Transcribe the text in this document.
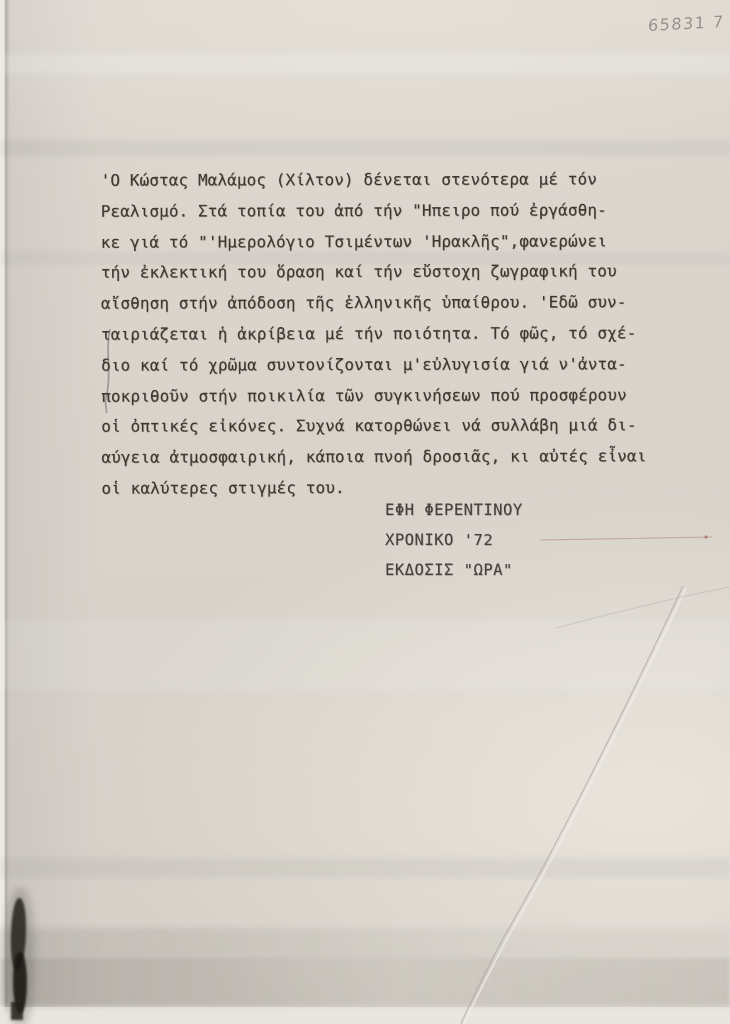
65831 7
'Ο Κώστας Μαλάμος (Χίλτον) δένεται στενότερα μέ τόν
Ρεαλισμό. Στά τοπία του ἀπό τήν "Ηπειρο πού ἐργάσθη-
κε γιά τό "'Ημερολόγιο Τσιμέντων 'Ηρακλῆς",φανερώνει
τήν ἐκλεκτική του ὅραση καί τήν εὔστοχη ζωγραφική του
αἴσθηση στήν ἀπόδοση τῆς ἑλληνικῆς ὑπαίθρου. 'Εδῶ συν-
ταιριάζεται ἡ ἀκρίβεια μέ τήν ποιότητα. Τό φῶς, τό σχέ-
διο καί τό χρῶμα συντονίζονται μ'εὐλυγισία γιά ν'ἀντα-
ποκριθοῦν στήν ποικιλία τῶν συγκινήσεων πού προσφέρουν
οἱ ὀπτικές εἰκόνες. Συχνά κατορθώνει νά συλλάβη μιά δι-
αύγεια ἀτμοσφαιρική, κάποια πνοή δροσιᾶς, κι αὐτές εἶναι
οἱ καλύτερες στιγμές του.
ΕΦΗ ΦΕΡΕΝΤΙΝΟΥ
ΧΡΟΝΙΚΟ '72
ΕΚΔΟΣΙΣ "ΩΡΑ"
